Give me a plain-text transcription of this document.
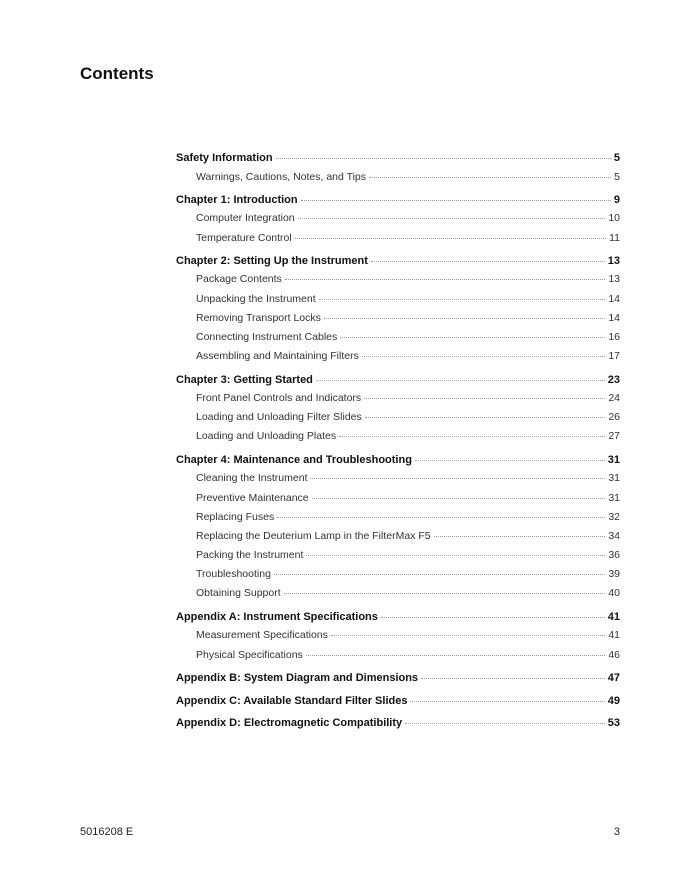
Contents
Safety Information	5
Warnings, Cautions, Notes, and Tips	5
Chapter 1: Introduction	9
Computer Integration	10
Temperature Control	11
Chapter 2: Setting Up the Instrument	13
Package Contents	13
Unpacking the Instrument	14
Removing Transport Locks	14
Connecting Instrument Cables	16
Assembling and Maintaining Filters	17
Chapter 3: Getting Started	23
Front Panel Controls and Indicators	24
Loading and Unloading Filter Slides	26
Loading and Unloading Plates	27
Chapter 4: Maintenance and Troubleshooting	31
Cleaning the Instrument	31
Preventive Maintenance	31
Replacing Fuses	32
Replacing the Deuterium Lamp in the FilterMax F5	34
Packing the Instrument	36
Troubleshooting	39
Obtaining Support	40
Appendix A: Instrument Specifications	41
Measurement Specifications	41
Physical Specifications	46
Appendix B: System Diagram and Dimensions	47
Appendix C: Available Standard Filter Slides	49
Appendix D: Electromagnetic Compatibility	53
5016208 E	3
